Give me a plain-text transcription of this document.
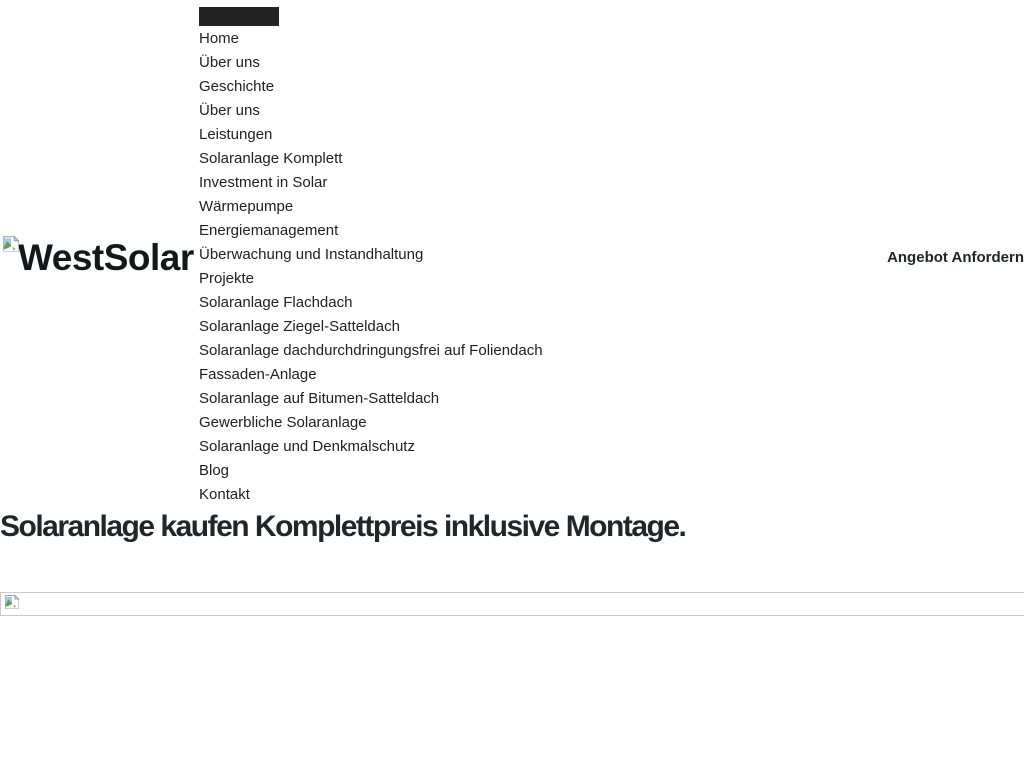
WestSolar
Home
Über uns
Geschichte
Über uns
Leistungen
Solaranlage Komplett
Investment in Solar
Wärmepumpe
Energiemanagement
Überwachung und Instandhaltung
Projekte
Solaranlage Flachdach
Solaranlage Ziegel-Satteldach
Solaranlage dachdurchdringungsfrei auf Foliendach
Fassaden-Anlage
Solaranlage auf Bitumen-Satteldach
Gewerbliche Solaranlage
Solaranlage und Denkmalschutz
Blog
Kontakt
Angebot Anfordern
Solaranlage kaufen Komplettpreis inklusive Montage.
